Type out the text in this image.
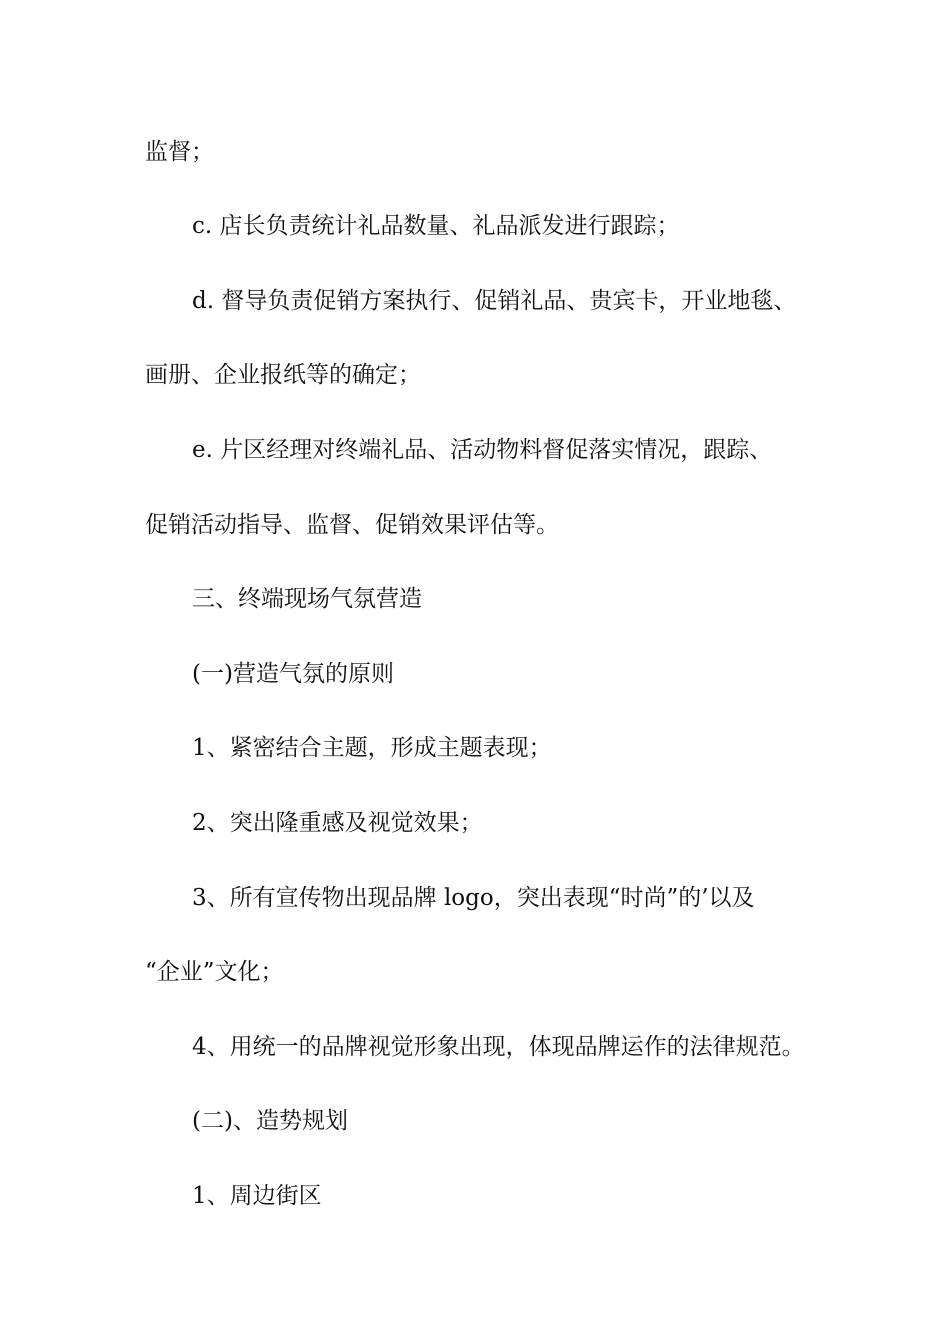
监督；
c. 店长负责统计礼品数量、礼品派发进行跟踪；
d. 督导负责促销方案执行、促销礼品、贵宾卡，开业地毯、
画册、企业报纸等的确定；
e. 片区经理对终端礼品、活动物料督促落实情况，跟踪、
促销活动指导、监督、促销效果评估等。
三、终端现场气氛营造
(一)营造气氛的原则
1、紧密结合主题，形成主题表现；
2、突出隆重感及视觉效果；
3、所有宣传物出现品牌 logo，突出表现“时尚”的’以及
“企业”文化；
4、用统一的品牌视觉形象出现，体现品牌运作的法律规范。
(二)、造势规划
1、周边街区
